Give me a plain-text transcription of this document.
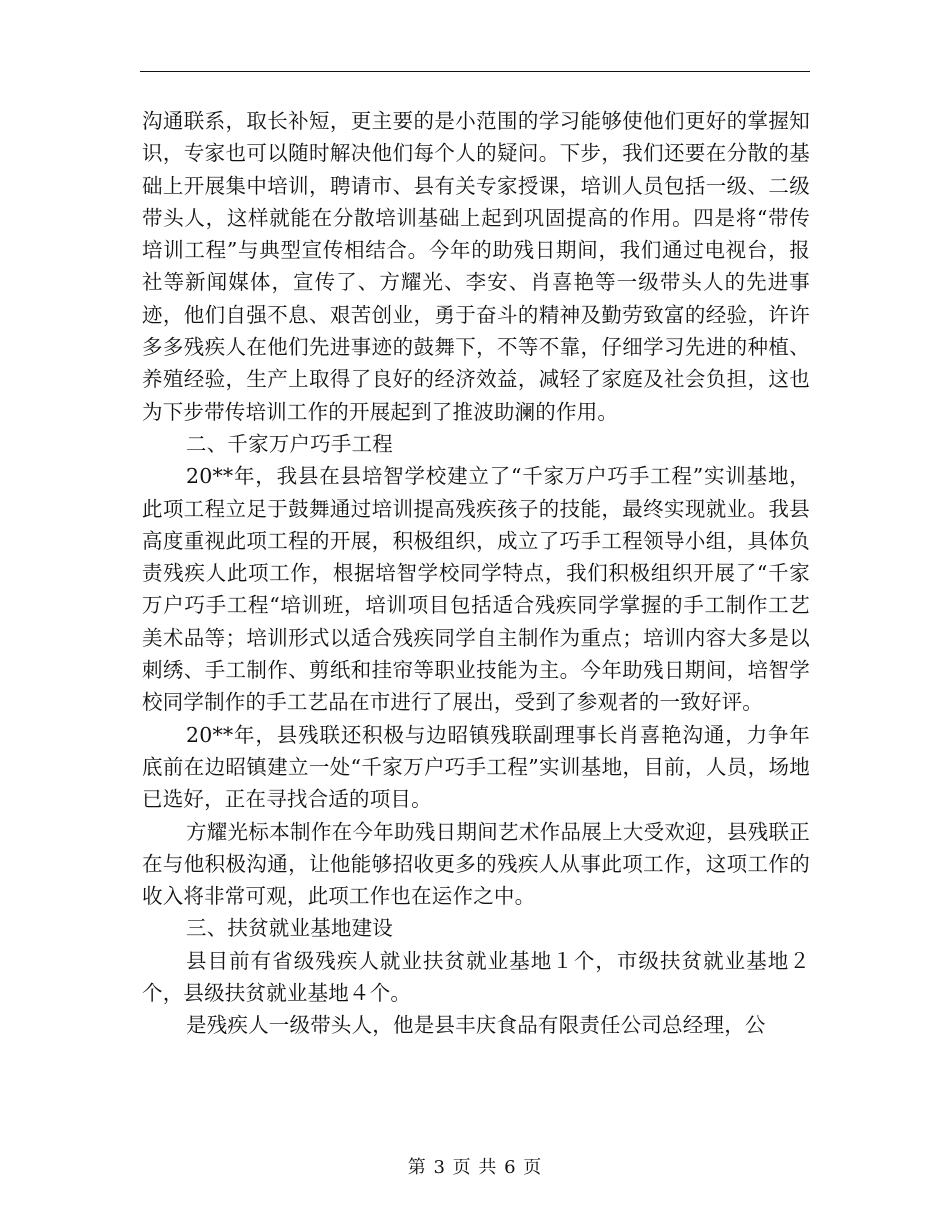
沟通联系，取长补短，更主要的是小范围的学习能够使他们更好的掌握知识，专家也可以随时解决他们每个人的疑问。下步，我们还要在分散的基础上开展集中培训，聘请市、县有关专家授课，培训人员包括一级、二级带头人，这样就能在分散培训基础上起到巩固提高的作用。四是将“带传培训工程”与典型宣传相结合。今年的助残日期间，我们通过电视台，报社等新闻媒体，宣传了、方耀光、李安、肖喜艳等一级带头人的先进事迹，他们自强不息、艰苦创业，勇于奋斗的精神及勤劳致富的经验，许许多多残疾人在他们先进事迹的鼓舞下，不等不靠，仔细学习先进的种植、养殖经验，生产上取得了良好的经济效益，减轻了家庭及社会负担，这也为下步带传培训工作的开展起到了推波助澜的作用。

二、千家万户巧手工程

20**年，我县在县培智学校建立了“千家万户巧手工程”实训基地，此项工程立足于鼓舞通过培训提高残疾孩子的技能，最终实现就业。我县高度重视此项工程的开展，积极组织，成立了巧手工程领导小组，具体负责残疾人此项工作，根据培智学校同学特点，我们积极组织开展了“千家万户巧手工程“培训班，培训项目包括适合残疾同学掌握的手工制作工艺美术品等；培训形式以适合残疾同学自主制作为重点；培训内容大多是以刺绣、手工制作、剪纸和挂帘等职业技能为主。今年助残日期间，培智学校同学制作的手工艺品在市进行了展出，受到了参观者的一致好评。

20**年，县残联还积极与边昭镇残联副理事长肖喜艳沟通，力争年底前在边昭镇建立一处“千家万户巧手工程”实训基地，目前，人员，场地已选好，正在寻找合适的项目。

方耀光标本制作在今年助残日期间艺术作品展上大受欢迎，县残联正在与他积极沟通，让他能够招收更多的残疾人从事此项工作，这项工作的收入将非常可观，此项工作也在运作之中。

三、扶贫就业基地建设

县目前有省级残疾人就业扶贫就业基地１个，市级扶贫就业基地２个，县级扶贫就业基地４个。

是残疾人一级带头人，他是县丰庆食品有限责任公司总经理，公

第 3 页 共 6 页
